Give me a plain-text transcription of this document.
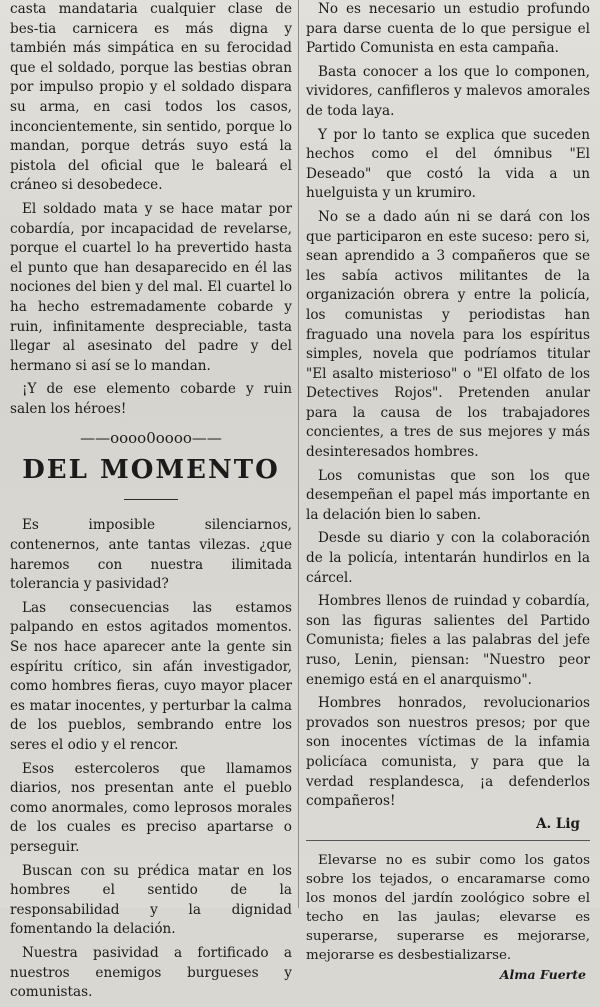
casta mandataria cualquier clase de bes-tia carnicera es más digna y también más simpática en su ferocidad que el soldado, porque las bestias obran por impulso propio y el soldado dispara su arma, en casi todos los casos, inconcientemente, sin sentido, porque lo mandan, porque detrás suyo está la pistola del oficial que le baleará el cráneo si desobedece.

El soldado mata y se hace matar por cobardía, por incapacidad de revelarse, porque el cuartel lo ha prevertido hasta el punto que han desaparecido en él las nociones del bien y del mal. El cuartel lo ha hecho estremadamente cobarde y ruin, infinitamente despreciable, tasta llegar al asesinato del padre y del hermano si así se lo mandan.

¡Y de ese elemento cobarde y ruin salen los héroes!

——oooo0oooo——
DEL MOMENTO

Es imposible silenciarnos, contenernos, ante tantas vilezas. ¿que haremos con nuestra ilimitada tolerancia y pasividad?

Las consecuencias las estamos palpando en estos agitados momentos. Se nos hace aparecer ante la gente sin espíritu crítico, sin afán investigador, como hombres fieras, cuyo mayor placer es matar inocentes, y perturbar la calma de los pueblos, sembrando entre los seres el odio y el rencor.

Esos estercoleros que llamamos diarios, nos presentan ante el pueblo como anormales, como leprosos morales de los cuales es preciso apartarse o perseguir.

Buscan con su prédica matar en los hombres el sentido de la responsabilidad y la dignidad fomentando la delación.

Nuestra pasividad a fortificado a nuestros enemigos burgueses y comunistas.

No es necesario un estudio profundo para darse cuenta de lo que persigue el Partido Comunista en esta campaña.

Basta conocer a los que lo componen, vividores, canfifleros y malevos amorales de toda laya.

Y por lo tanto se explica que suceden hechos como el del ómnibus "El Deseado" que costó la vida a un huelguista y un krumiro.

No se a dado aún ni se dará con los que participaron en este suceso: pero si, sean aprendido a 3 compañeros que se les sabía activos militantes de la organización obrera y entre la policía, los comunistas y periodistas han fraguado una novela para los espíritus simples, novela que podríamos titular "El asalto misterioso" o "El olfato de los Detectives Rojos". Pretenden anular para la causa de los trabajadores concientes, a tres de sus mejores y más desinteresados hombres.

Los comunistas que son los que desempeñan el papel más importante en la delación bien lo saben.

Desde su diario y con la colaboración de la policía, intentarán hundirlos en la cárcel.

Hombres llenos de ruindad y cobardía, son las figuras salientes del Partido Comunista; fieles a las palabras del jefe ruso, Lenin, piensan: "Nuestro peor enemigo está en el anarquismo".

Hombres honrados, revolucionarios provados son nuestros presos; por que son inocentes víctimas de la infamia policíaca comunista, y para que la verdad resplandesca, ¡a defenderlos compañeros!

A. Lig

Elevarse no es subir como los gatos sobre los tejados, o encaramarse como los monos del jardín zoológico sobre el techo en las jaulas; elevarse es superarse, superarse es mejorarse, mejorarse es desbestializarse.

Alma Fuerte
